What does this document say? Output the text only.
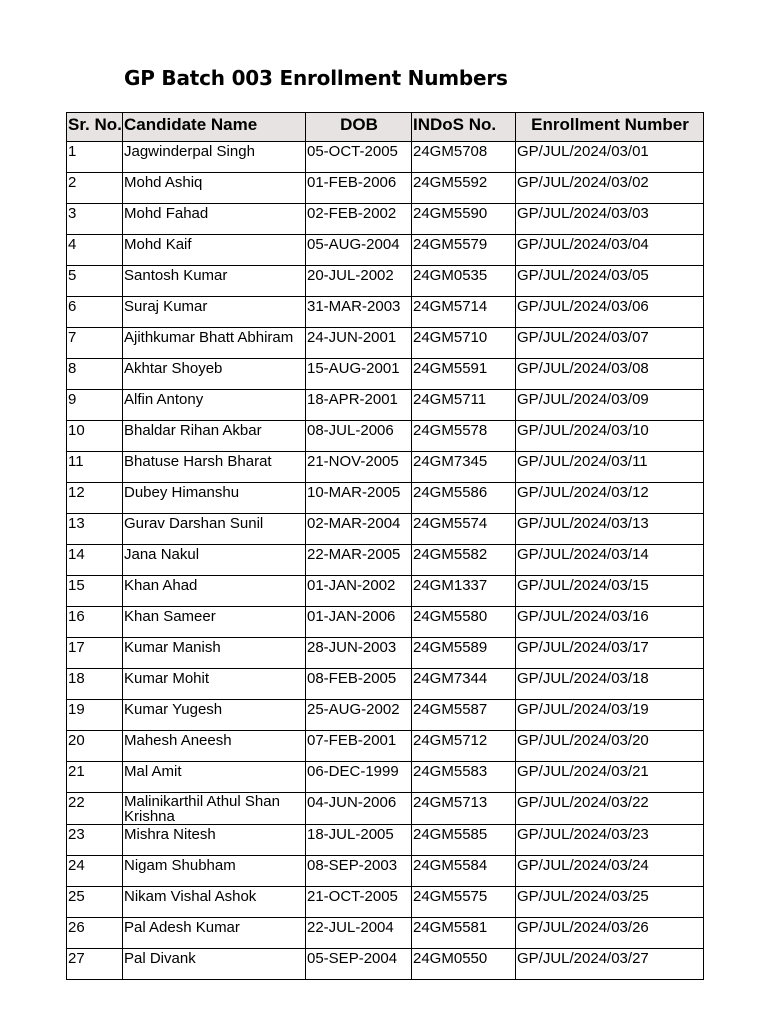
GP Batch 003 Enrollment Numbers
Sr. No.	Candidate Name	DOB	INDoS No.	Enrollment Number
1	Jagwinderpal Singh	05-OCT-2005	24GM5708	GP/JUL/2024/03/01
2	Mohd Ashiq	01-FEB-2006	24GM5592	GP/JUL/2024/03/02
3	Mohd Fahad	02-FEB-2002	24GM5590	GP/JUL/2024/03/03
4	Mohd Kaif	05-AUG-2004	24GM5579	GP/JUL/2024/03/04
5	Santosh Kumar	20-JUL-2002	24GM0535	GP/JUL/2024/03/05
6	Suraj Kumar	31-MAR-2003	24GM5714	GP/JUL/2024/03/06
7	Ajithkumar Bhatt Abhiram	24-JUN-2001	24GM5710	GP/JUL/2024/03/07
8	Akhtar Shoyeb	15-AUG-2001	24GM5591	GP/JUL/2024/03/08
9	Alfin Antony	18-APR-2001	24GM5711	GP/JUL/2024/03/09
10	Bhaldar Rihan Akbar	08-JUL-2006	24GM5578	GP/JUL/2024/03/10
11	Bhatuse Harsh Bharat	21-NOV-2005	24GM7345	GP/JUL/2024/03/11
12	Dubey Himanshu	10-MAR-2005	24GM5586	GP/JUL/2024/03/12
13	Gurav Darshan Sunil	02-MAR-2004	24GM5574	GP/JUL/2024/03/13
14	Jana Nakul	22-MAR-2005	24GM5582	GP/JUL/2024/03/14
15	Khan Ahad	01-JAN-2002	24GM1337	GP/JUL/2024/03/15
16	Khan Sameer	01-JAN-2006	24GM5580	GP/JUL/2024/03/16
17	Kumar Manish	28-JUN-2003	24GM5589	GP/JUL/2024/03/17
18	Kumar Mohit	08-FEB-2005	24GM7344	GP/JUL/2024/03/18
19	Kumar Yugesh	25-AUG-2002	24GM5587	GP/JUL/2024/03/19
20	Mahesh Aneesh	07-FEB-2001	24GM5712	GP/JUL/2024/03/20
21	Mal Amit	06-DEC-1999	24GM5583	GP/JUL/2024/03/21
22	Malinikarthil Athul Shan Krishna	04-JUN-2006	24GM5713	GP/JUL/2024/03/22
23	Mishra Nitesh	18-JUL-2005	24GM5585	GP/JUL/2024/03/23
24	Nigam Shubham	08-SEP-2003	24GM5584	GP/JUL/2024/03/24
25	Nikam Vishal Ashok	21-OCT-2005	24GM5575	GP/JUL/2024/03/25
26	Pal Adesh Kumar	22-JUL-2004	24GM5581	GP/JUL/2024/03/26
27	Pal Divank	05-SEP-2004	24GM0550	GP/JUL/2024/03/27
